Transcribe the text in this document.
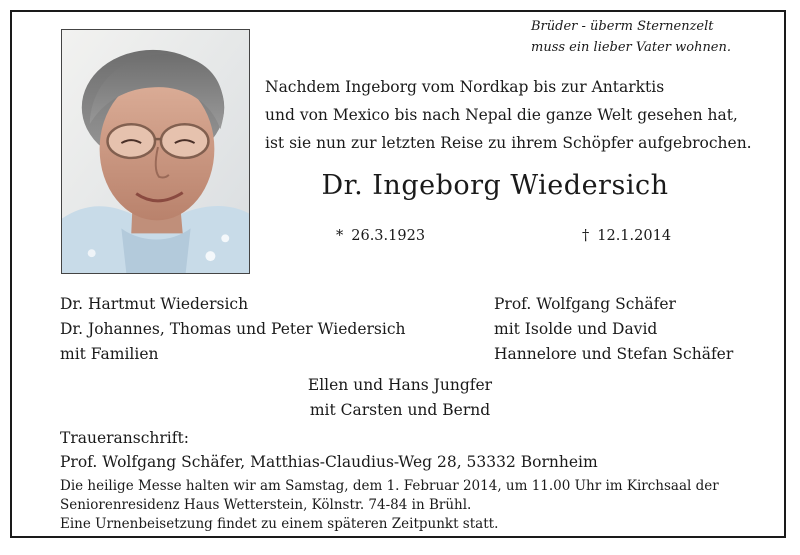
Brüder - überm Sternenzelt
muss ein lieber Vater wohnen.
Nachdem Ingeborg vom Nordkap bis zur Antarktis
und von Mexico bis nach Nepal die ganze Welt gesehen hat,
ist sie nun zur letzten Reise zu ihrem Schöpfer aufgebrochen.
Dr. Ingeborg Wiedersich
* 26.3.1923	† 12.1.2014
Dr. Hartmut Wiedersich
Dr. Johannes, Thomas und Peter Wiedersich
mit Familien
Prof. Wolfgang Schäfer
mit Isolde und David
Hannelore und Stefan Schäfer
Ellen und Hans Jungfer
mit Carsten und Bernd
Traueranschrift:
Prof. Wolfgang Schäfer, Matthias-Claudius-Weg 28, 53332 Bornheim
Die heilige Messe halten wir am Samstag, dem 1. Februar 2014, um 11.00 Uhr im Kirchsaal der
Seniorenresidenz Haus Wetterstein, Kölnstr. 74-84 in Brühl.
Eine Urnenbeisetzung findet zu einem späteren Zeitpunkt statt.
